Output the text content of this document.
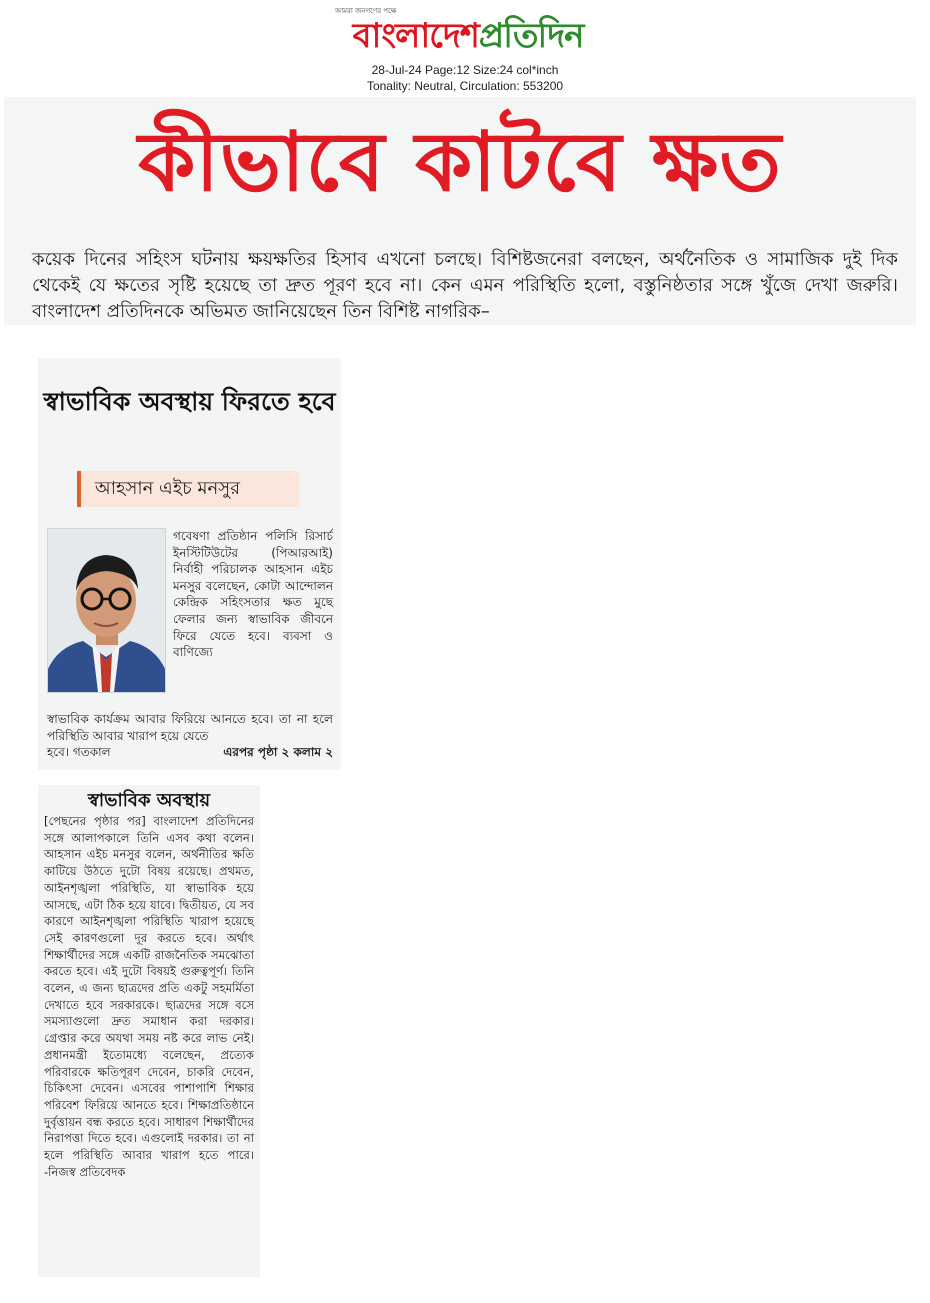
আমরা জনগণের পক্ষে
বাংলাদেশপ্রতিদিন
28-Jul-24 Page:12 Size:24 col*inch
Tonality: Neutral, Circulation: 553200
কীভাবে কাটবে ক্ষত
কয়েক দিনের সহিংস ঘটনায় ক্ষয়ক্ষতির হিসাব এখনো চলছে। বিশিষ্টজনেরা বলছেন, অর্থনৈতিক ও সামাজিক দুই দিক থেকেই যে ক্ষতের সৃষ্টি হয়েছে তা দ্রুত পূরণ হবে না। কেন এমন পরিস্থিতি হলো, বস্তুনিষ্ঠতার সঙ্গে খুঁজে দেখা জরুরি। বাংলাদেশ প্রতিদিনকে অভিমত জানিয়েছেন তিন বিশিষ্ট নাগরিক–
স্বাভাবিক অবস্থায় ফিরতে হবে
আহসান এইচ মনসুর
গবেষণা প্রতিষ্ঠান পলিসি রিসার্চ ইনস্টিটিউটের (পিআরআই) নির্বাহী পরিচালক আহসান এইচ মনসুর বলেছেন, কোটা আন্দোলন কেন্দ্রিক সহিংসতার ক্ষত মুছে ফেলার জন্য স্বাভাবিক জীবনে ফিরে যেতে হবে। ব্যবসা ও বাণিজ্যে
স্বাভাবিক কার্যক্রম আবার ফিরিয়ে আনতে হবে। তা না হলে পরিস্থিতি আবার খারাপ হয়ে যেতে
হবে। গতকাল	এরপর পৃষ্ঠা ২ কলাম ২
স্বাভাবিক অবস্থায়
[পেছনের পৃষ্ঠার পর] বাংলাদেশ প্রতিদিনের সঙ্গে আলাপকালে তিনি এসব কথা বলেন। আহসান এইচ মনসুর বলেন, অর্থনীতির ক্ষতি কাটিয়ে উঠতে দুটো বিষয় রয়েছে। প্রথমত, আইনশৃঙ্খলা পরিস্থিতি, যা স্বাভাবিক হয়ে আসছে, এটা ঠিক হয়ে যাবে। দ্বিতীয়ত, যে সব কারণে আইনশৃঙ্খলা পরিস্থিতি খারাপ হয়েছে সেই কারণগুলো দূর করতে হবে। অর্থাৎ শিক্ষার্থীদের সঙ্গে একটি রাজনৈতিক সমঝোতা করতে হবে। এই দুটো বিষয়ই গুরুত্বপূর্ণ। তিনি বলেন, এ জন্য ছাত্রদের প্রতি একটু সহমর্মিতা দেখাতে হবে সরকারকে। ছাত্রদের সঙ্গে বসে সমস্যাগুলো দ্রুত সমাধান করা দরকার। গ্রেপ্তার করে অযথা সময় নষ্ট করে লাভ নেই। প্রধানমন্ত্রী ইতোমধ্যে বলেছেন, প্রত্যেক পরিবারকে ক্ষতিপূরণ দেবেন, চাকরি দেবেন, চিকিৎসা দেবেন। এসবের পাশাপাশি শিক্ষার পরিবেশ ফিরিয়ে আনতে হবে। শিক্ষাপ্রতিষ্ঠানে দুর্বৃত্তায়ন বন্ধ করতে হবে। সাধারণ শিক্ষার্থীদের নিরাপত্তা দিতে হবে। এগুলোই দরকার। তা না হলে পরিস্থিতি আবার খারাপ হতে পারে। -নিজস্ব প্রতিবেদক
